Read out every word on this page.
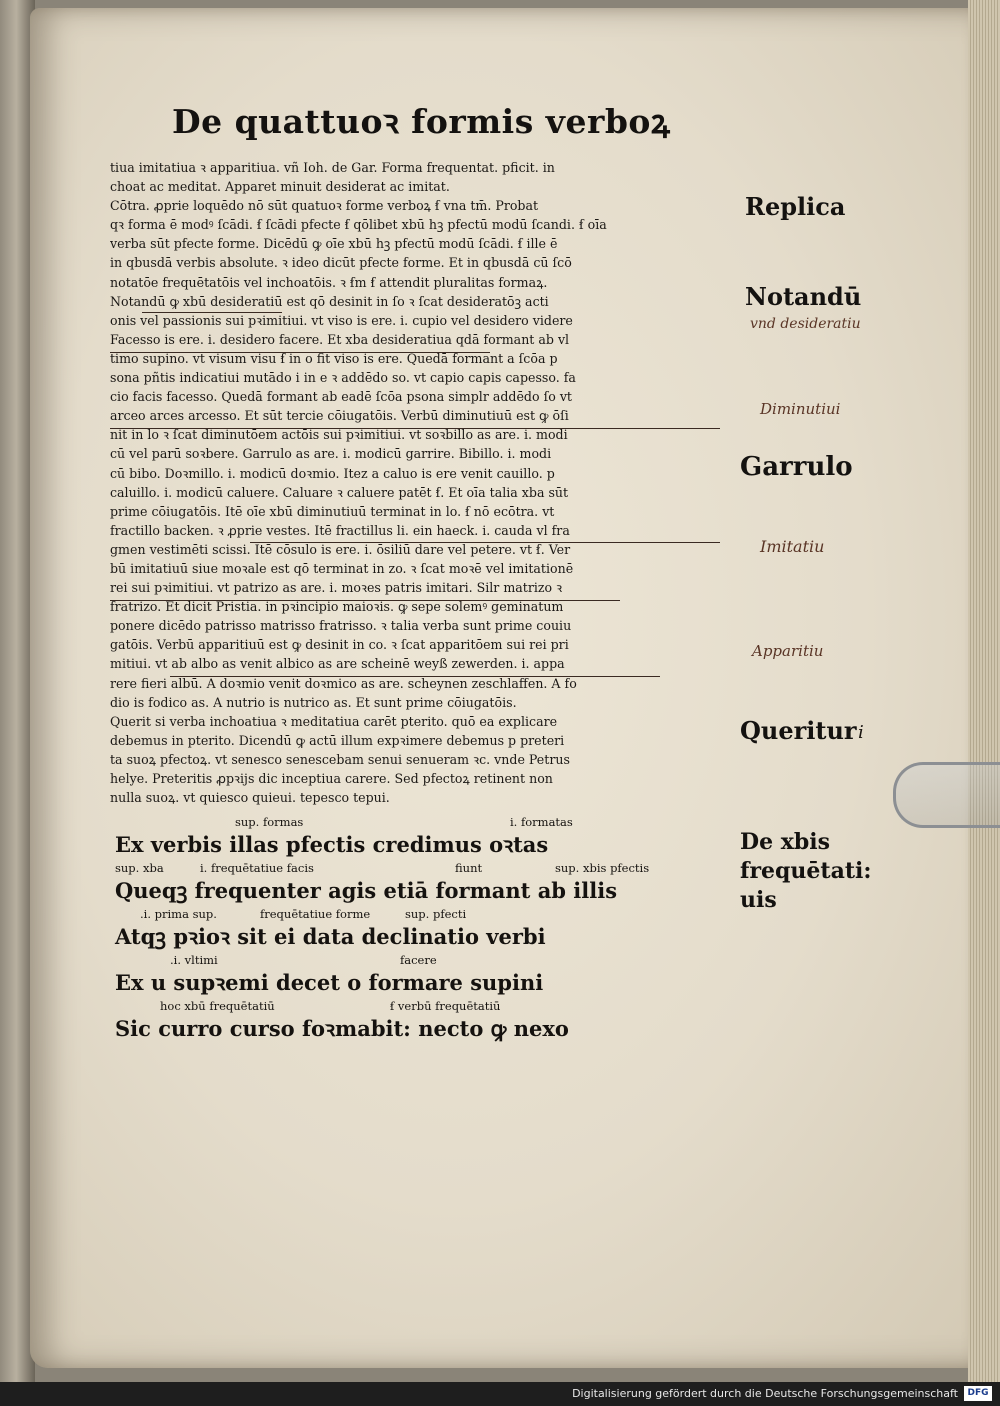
De quattuoꝛ formis verboꝝ
tiua imitatiua ꝛ apparitiua. vñ Ioh. de Gar. Forma frequentat. pficit. in
choat ac meditat. Apparet minuit desiderat ac imitat.
Cōtra. ꝓprie loquēdo nō sūt quatuoꝛ forme verboꝝ ẜ vna tm̄. Probat
qꝛ forma ē modꝰ ſcādi. ẜ ſcādi pfecte ẜ qōlibet xbū hꝫ pfectū modū ſcandi. ẜ oīa
verba sūt pfecte forme. Dicēdū ꝙ oīe xbū hꝫ pfectū modū ſcādi. ẜ ille ē
in qbusdā verbis absolute. ꝛ ideo dicūt pfecte forme. Et in qbusdā cū ſcō
notatōe frequētatōis vel inchoatōis. ꝛ ẜm ẜ attendit pluralitas formaꝝ.
Notandū ꝙ xbū desideratiū est qō desinit in ſo ꝛ ſcat desideratōꝫ acti
onis vel passionis sui pꝛimitiui. vt viso is ere. i. cupio vel desidero videre
Facesso is ere. i. desidero facere. Et xba desideratiua qdā formant ab vl
timo supino. vt visum visu ẜ in o fit viso is ere. Quedā formant a ſcōa p
sona pñtis indicatiui mutādo i in e ꝛ addēdo so. vt capio capis capesso. fa
cio facis facesso. Quedā formant ab eadē ſcōa psona simplr addēdo ſo vt
arceo arces arcesso. Et sūt tercie cōiugatōis. Verbū diminutiuū est ꝙ ōſi
nit in lo ꝛ ſcat diminutōem actōis sui pꝛimitiui. vt soꝛbillo as are. i. modi
cū vel parū soꝛbere. Garrulo as are. i. modicū garrire. Bibillo. i. modi
cū bibo. Doꝛmillo. i. modicū doꝛmio. Itez a caluo is ere venit cauillo. p
caluillo. i. modicū caluere. Caluare ꝛ caluere patēt ẜ. Et oīa talia xba sūt
prime cōiugatōis. Itē oīe xbū diminutiuū terminat in lo. ẜ nō ecōtra. vt
fractillo backen. ꝛ ꝓprie vestes. Itē fractillus li. ein haeck. i. cauda vl fra
gmen vestimēti scissi. Itē cōsulo is ere. i. ōsiliū dare vel petere. vt ẜ. Ver
bū imitatiuū siue moꝛale est qō terminat in zo. ꝛ ſcat moꝛē vel imitationē
rei sui pꝛimitiui. vt patrizo as are. i. moꝛes patris imitari. Silr matrizo ꝛ
fratrizo. Et dicit Pristia. in pꝛincipio maioꝛis. ꝙ sepe solemꝰ geminatum
ponere dicēdo patrisso matrisso fratrisso. ꝛ talia verba sunt prime couiu
gatōis. Verbū apparitiuū est ꝙ desinit in co. ꝛ ſcat apparitōem sui rei pri
mitiui. vt ab albo as venit albico as are scheinē weyß zewerden. i. appa
rere fieri albū. A doꝛmio venit doꝛmico as are. scheynen zeschlaffen. A fo
dio is fodico as. A nutrio is nutrico as. Et sunt prime cōiugatōis.
Querit si verba inchoatiua ꝛ meditatiua carēt pterito. quō ea explicare
debemus in pterito. Dicendū ꝙ actū illum expꝛimere debemus p preteri
ta suoꝝ pfectoꝝ. vt senesco senescebam senui senueram ꝛc. vnde Petrus
helye. Preteritis ꝓpꝛijs dic inceptiua carere. Sed pfectoꝝ retinent non
nulla suoꝝ. vt quiesco quieui. tepesco tepui.
sup. formas	i. formatas
Ex verbis illas pfectis credimus oꝛtas
sup. xba	i. frequētatiue facis	fiunt	sup. xbis pfectis
Queqꝫ frequenter agis etiā formant ab illis
.i. prima sup.	frequētatiue forme	sup. pfecti
Atqꝫ pꝛioꝛ sit ei data declinatio verbi
.i. vltimi	facere
Ex u supꝛemi decet o formare supini
hoc xbū frequētatiū	ẜ verbū frequētatiū
Sic curro curso foꝛmabit: necto ꝙ nexo
Replica
Notandū
vnd desideratiu
Diminutiui
Garrulo
Imitatiu
Apparitiu
Queritur i
De xbis
frequētati:
uis
Digitalisierung gefördert durch die Deutsche Forschungsgemeinschaft	DFG
